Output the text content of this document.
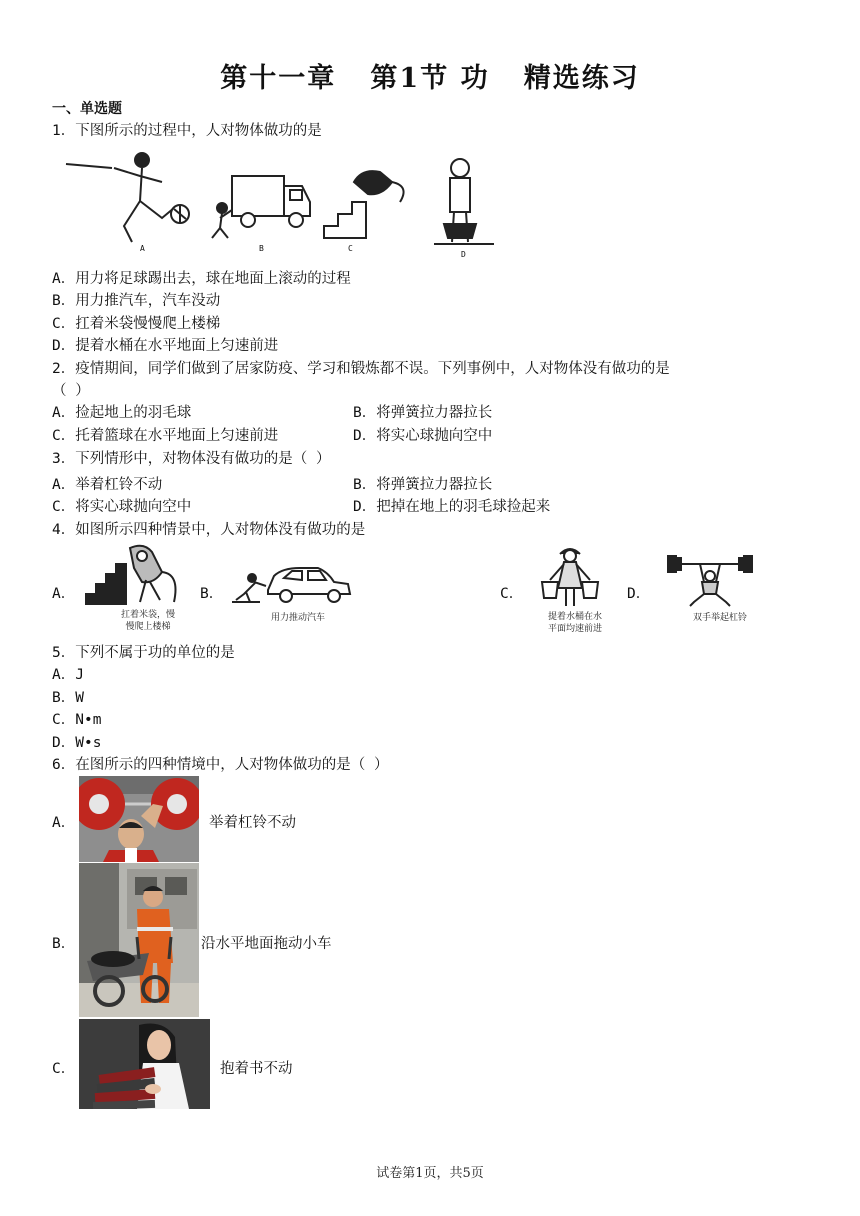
第十一章   第1节 功   精选练习
一、单选题
1．下图所示的过程中，人对物体做功的是
A	B	C
D
A．用力将足球踢出去，球在地面上滚动的过程
B．用力推汽车，汽车没动
C．扛着米袋慢慢爬上楼梯
D．提着水桶在水平地面上匀速前进
2．疫情期间，同学们做到了居家防疫、学习和锻炼都不误。下列事例中，人对物体没有做功的是
（ ）
A．捡起地上的羽毛球	B．将弹簧拉力器拉长
C．托着篮球在水平地面上匀速前进	D．将实心球抛向空中
3．下列情形中，对物体没有做功的是（ ）
A．举着杠铃不动	B．将弹簧拉力器拉长
C．将实心球抛向空中	D．把掉在地上的羽毛球捡起来
4．如图所示四种情景中，人对物体没有做功的是
A．
扛着米袋，慢
慢爬上楼梯
B．
用力推动汽车
C．
提着水桶在水
平面均速前进
D．
双手举起杠铃
5．下列不属于功的单位的是
A．J
B．W
C．N•m
D．W•s
6．在图所示的四种情境中，人对物体做功的是（ ）
A．	举着杠铃不动
B．	沿水平地面拖动小车
C．	抱着书不动
试卷第1页，共5页
